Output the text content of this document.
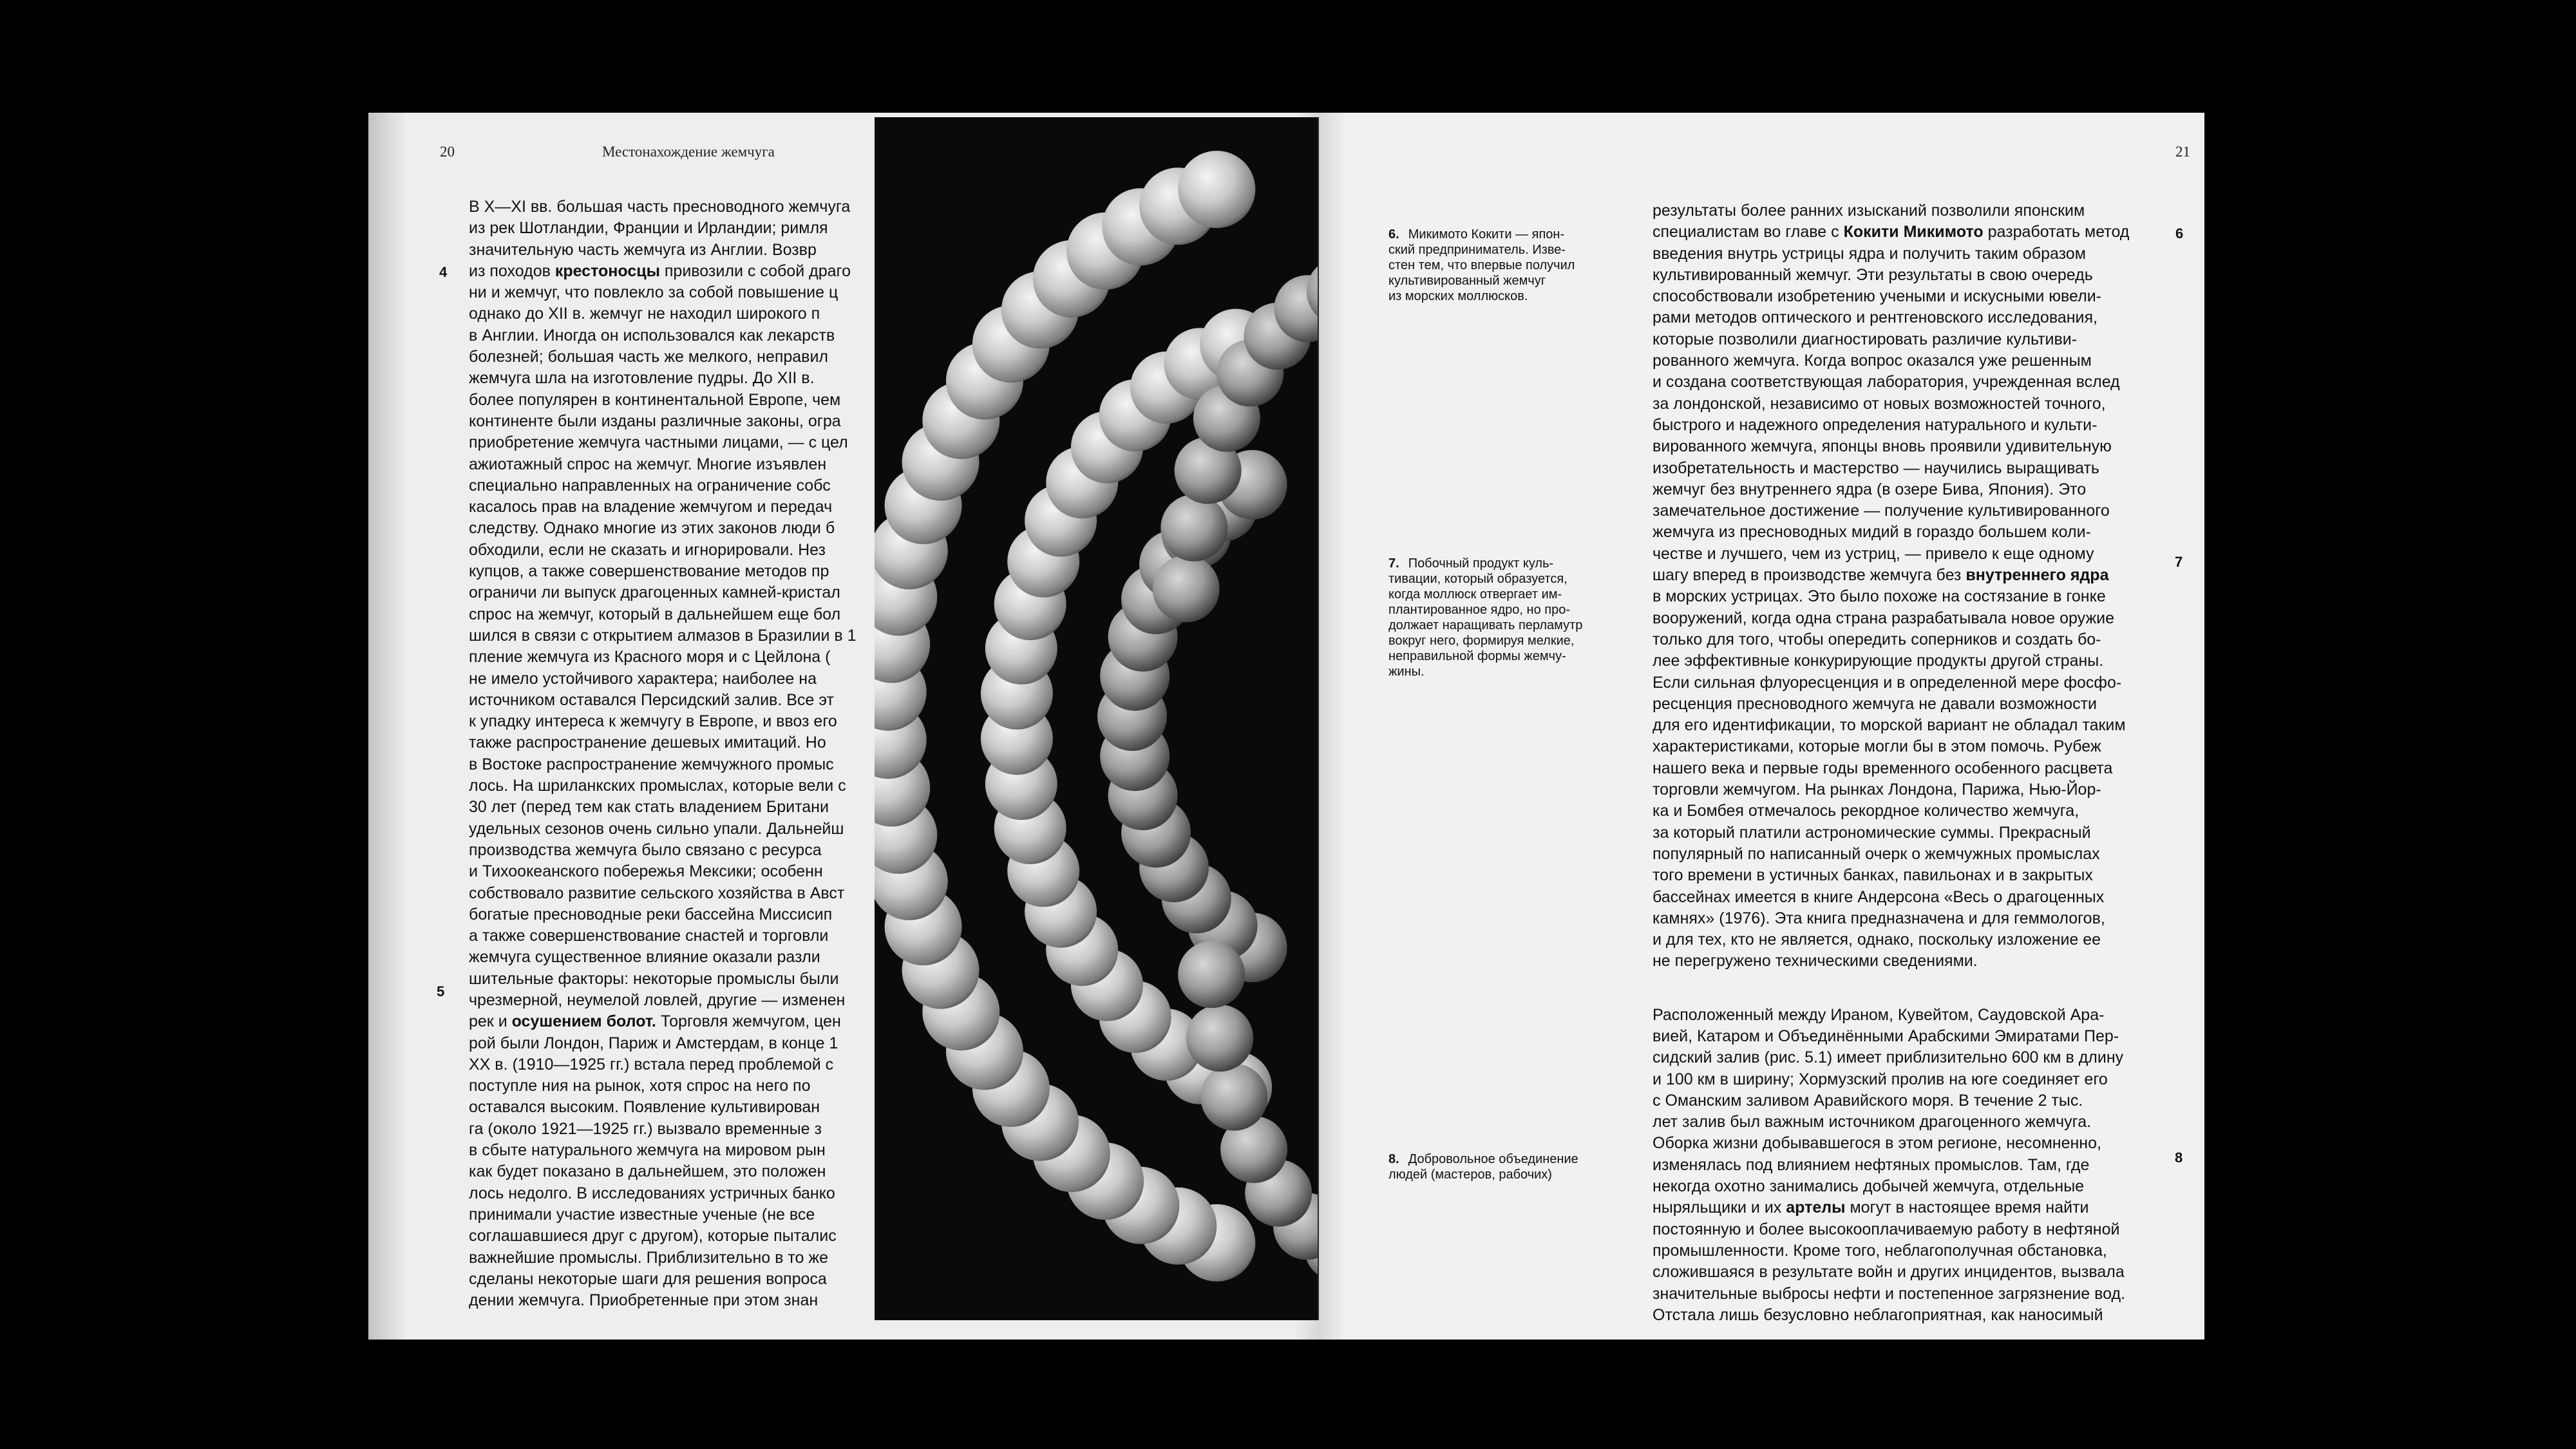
20	Местонахождение жемчуга
4
5
В X—XI вв. большая часть пресноводного жемчуга
из рек Шотландии, Франции и Ирландии; римля
значительную часть жемчуга из Англии. Возвр
из походов крестоносцы привозили с собой драго
ни и жемчуг, что повлекло за собой повышение ц
однако до XII в. жемчуг не находил широкого п
в Англии. Иногда он использовался как лекарств
болезней; большая часть же мелкого, неправил
жемчуга шла на изготовление пудры. До XII в.
более популярен в континентальной Европе, чем
континенте были изданы различные законы, огра
приобретение жемчуга частными лицами, — с цел
ажиотажный спрос на жемчуг. Многие изъявлен
специально направленных на ограничение собс
касалось прав на владение жемчугом и передач
следству. Однако многие из этих законов люди б
обходили, если не сказать и игнорировали. Нез
купцов, а также совершенствование методов пр
ограничи ли выпуск драгоценных камней-кристал
спрос на жемчуг, который в дальнейшем еще бол
шился в связи с открытием алмазов в Бразилии в 1
пление жемчуга из Красного моря и с Цейлона (
не имело устойчивого характера; наиболее на
источником оставался Персидский залив. Все эт
к упадку интереса к жемчугу в Европе, и ввоз его
также распространение дешевых имитаций. Но
в Востоке распространение жемчужного промыс
лось. На шриланкских промыслах, которые вели с
30 лет (перед тем как стать владением Британи
удельных сезонов очень сильно упали. Дальнейш
производства жемчуга было связано с ресурса
и Тихоокеанского побережья Мексики; особенн
собствовало развитие сельского хозяйства в Авст
богатые пресноводные реки бассейна Миссисип
а также совершенствование снастей и торговли
жемчуга существенное влияние оказали разли
шительные факторы: некоторые промыслы были
чрезмерной, неумелой ловлей, другие — изменен
рек и осушением болот. Торговля жемчугом, цен
рой были Лондон, Париж и Амстердам, в конце 1
XX в. (1910—1925 гг.) встала перед проблемой с
поступле ния на рынок, хотя спрос на него по
оставался высоким. Появление культивирован
га (около 1921—1925 гг.) вызвало временные з
в сбыте натурального жемчуга на мировом рын
как будет показано в дальнейшем, это положен
лось недолго. В исследованиях устричных банко
принимали участие известные ученые (не все
соглашавшиеся друг с другом), которые пыталис
важнейшие промыслы. Приблизительно в то же
сделаны некоторые шаги для решения вопроса
дении жемчуга. Приобретенные при этом знан
21
6
7
8
6. Микимото Кокити — япон-
ский предприниматель. Изве-
стен тем, что впервые получил
культивированный жемчуг
из морских моллюсков.
7. Побочный продукт куль-
тивации, который образуется,
когда моллюск отвергает им-
плантированное ядро, но про-
должает наращивать перламутр
вокруг него, формируя мелкие,
неправильной формы жемчу-
жины.
8. Добровольное объединение
людей (мастеров, рабочих)
результаты более ранних изысканий позволили японским
специалистам во главе с Кокити Микимото разработать метод
введения внутрь устрицы ядра и получить таким образом
культивированный жемчуг. Эти результаты в свою очередь
способствовали изобретению учеными и искусными ювели-
рами методов оптического и рентгеновского исследования,
которые позволили диагностировать различие культиви-
рованного жемчуга. Когда вопрос оказался уже решенным
и создана соответствующая лаборатория, учрежденная вслед
за лондонской, независимо от новых возможностей точного,
быстрого и надежного определения натурального и культи-
вированного жемчуга, японцы вновь проявили удивительную
изобретательность и мастерство — научились выращивать
жемчуг без внутреннего ядра (в озере Бива, Япония). Это
замечательное достижение — получение культивированного
жемчуга из пресноводных мидий в гораздо большем коли-
честве и лучшего, чем из устриц, — привело к еще одному
шагу вперед в производстве жемчуга без внутреннего ядра
в морских устрицах. Это было похоже на состязание в гонке
вооружений, когда одна страна разрабатывала новое оружие
только для того, чтобы опередить соперников и создать бо-
лее эффективные конкурирующие продукты другой страны.
Если сильная флуоресценция и в определенной мере фосфо-
ресценция пресноводного жемчуга не давали возможности
для его идентификации, то морской вариант не обладал таким
характеристиками, которые могли бы в этом помочь. Рубеж
нашего века и первые годы временного особенного расцвета
торговли жемчугом. На рынках Лондона, Парижа, Нью-Йор-
ка и Бомбея отмечалось рекордное количество жемчуга,
за который платили астрономические суммы. Прекрасный
популярный по написанный очерк о жемчужных промыслах
того времени в устичных банках, павильонах и в закрытых
бассейнах имеется в книге Андерсона «Весь о драгоценных
камнях» (1976). Эта книга предназначена и для геммологов,
и для тех, кто не является, однако, поскольку изложение ее
не перегружено техническими сведениями.
Расположенный между Ираном, Кувейтом, Саудовской Ара-
вией, Катаром и Объединёнными Арабскими Эмиратами Пер-
сидский залив (рис. 5.1) имеет приблизительно 600 км в длину
и 100 км в ширину; Хормузский пролив на юге соединяет его
с Оманским заливом Аравийского моря. В течение 2 тыс.
лет залив был важным источником драгоценного жемчуга.
Оборка жизни добывавшегося в этом регионе, несомненно,
изменялась под влиянием нефтяных промыслов. Там, где
некогда охотно занимались добычей жемчуга, отдельные
ныряльщики и их артелы могут в настоящее время найти
постоянную и более высокооплачиваемую работу в нефтяной
промышленности. Кроме того, неблагополучная обстановка,
сложившаяся в результате войн и других инцидентов, вызвала
значительные выбросы нефти и постепенное загрязнение вод.
Отстала лишь безусловно неблагоприятная, как наносимый
